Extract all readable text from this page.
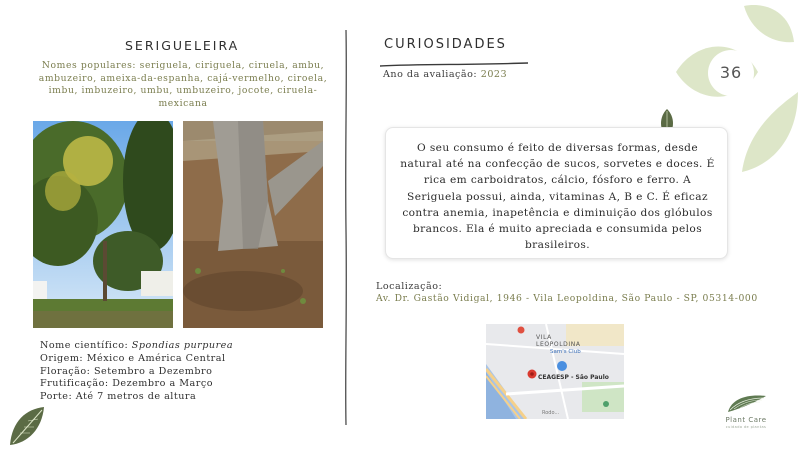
SERIGUELEIRA
Nomes populares: seriguela, ciriguela, ciruela, ambu, ambuzeiro, ameixa-da-espanha, cajá-vermelho, ciroela, imbu, imbuzeiro, umbu, umbuzeiro, jocote, ciruela-mexicana
Nome científico: Spondias purpurea
Origem: México e América Central
Floração: Setembro a Dezembro
Frutificação: Dezembro a Março
Porte: Até 7 metros de altura
CURIOSIDADES
Ano da avaliação: 2023	36
O seu consumo é feito de diversas formas, desde natural até na confecção de sucos, sorvetes e doces. É rica em carboidratos, cálcio, fósforo e ferro. A Seriguela possui, ainda, vitaminas A, B e C. É eficaz contra anemia, inapetência e diminuição dos glóbulos brancos. Ela é muito apreciada e consumida pelos brasileiros.
Localização:
Av. Dr. Gastão Vidigal, 1946 - Vila Leopoldina, São Paulo - SP, 05314-000
VILA
LEOPOLDINA
Sam's Club
CEAGESP - São Paulo
Rodo...
Plant Care
cuidado de plantas
